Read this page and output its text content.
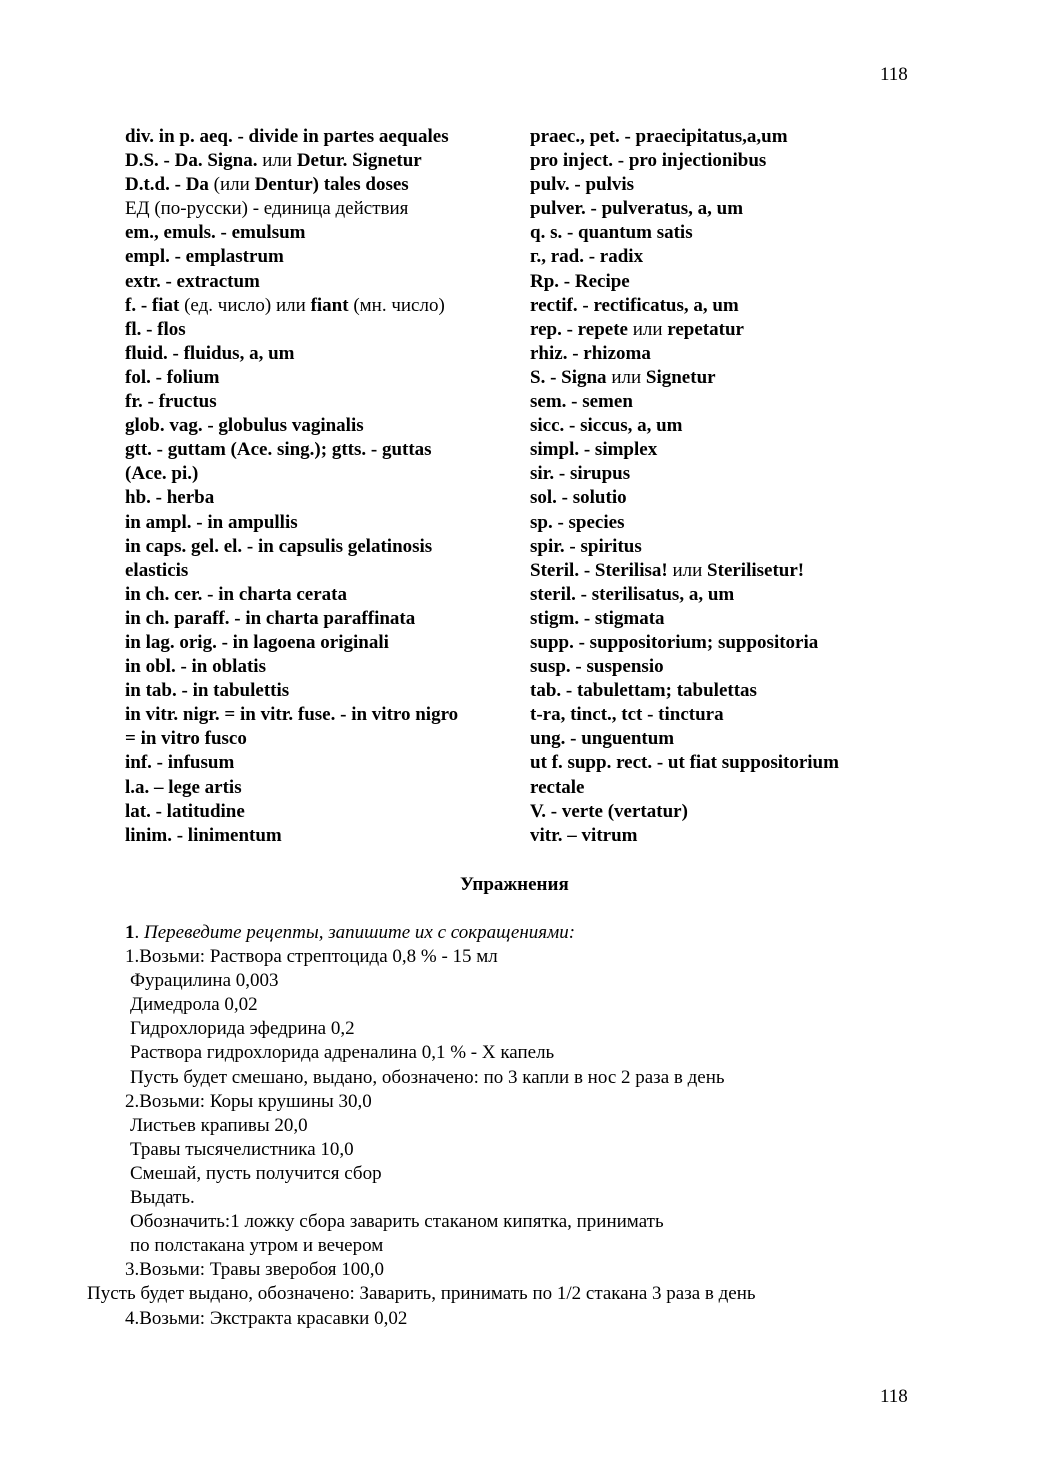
118
div. in p. aeq. - divide in partes aequales
D.S. - Da. Signa. или Detur. Signetur
D.t.d. - Da (или Dentur) tales doses
ЕД (по-русски) - единица действия
em., emuls. - emulsum
empl. - emplastrum
extr. - extractum
f. - fiat (ед. число) или fiant (мн. число)
fl. - flos
fluid. - fluidus, a, um
fol. - folium
fr. - fructus
glob. vag. - globulus vaginalis
gtt. - guttam (Ace. sing.); gtts. - guttas
(Ace. pi.)
hb. - herba
in ampl. - in ampullis
in caps. gel. el. - in capsulis gelatinosis
elasticis
in ch. cer. - in charta cerata
in ch. paraff. - in charta paraffinata
in lag. orig. - in lagoena originali
in obl. - in oblatis
in tab. - in tabulettis
in vitr. nigr. = in vitr. fuse. - in vitro nigro
= in vitro fusco
inf. - infusum
l.a. – lege artis
lat. - latitudine
linim. - linimentum
praec., pet. - praecipitatus,a,um
pro inject. - pro injectionibus
pulv. - pulvis
pulver. - pulveratus, a, um
q. s. - quantum satis
г., rad. - radix
Rp. - Recipe
rectif. - rectificatus, a, um
rep. - repete или repetatur
rhiz. - rhizoma
S. - Signa или Signetur
sem. - semen
sicc. - siccus, a, um
simpl. - simplex
sir. - sirupus
sol. - solutio
sp. - species
spir. - spiritus
Steril. - Sterilisa! или Sterilisetur!
steril. - sterilisatus, a, um
stigm. - stigmata
supp. - suppositorium; suppositoria
susp. - suspensio
tab. - tabulettam; tabulettas
t-ra, tinct., tct - tinctura
ung. - unguentum
ut f. supp. rect. - ut fiat suppositorium
rectale
V. - verte (vertatur)
vitr. – vitrum
Упражнения
1. Переведите рецепты, запишите их с сокращениями:
1.Возьми: Раствора стрептоцида 0,8 % - 15 мл
Фурацилина 0,003
Димедрола 0,02
Гидрохлорида эфедрина 0,2
Раствора гидрохлорида адреналина 0,1 % - X капель
Пусть будет смешано, выдано, обозначено: по 3 капли в нос 2 раза в день
2.Возьми: Коры крушины 30,0
Листьев крапивы 20,0
Травы тысячелистника 10,0
Смешай, пусть получится сбор
Выдать.
Обозначить:1 ложку сбора заварить стаканом кипятка, принимать
по полстакана утром и вечером
3.Возьми: Травы зверобоя 100,0
Пусть будет выдано, обозначено: Заварить, принимать по 1/2 стакана 3 раза в день
4.Возьми: Экстракта красавки 0,02
118
